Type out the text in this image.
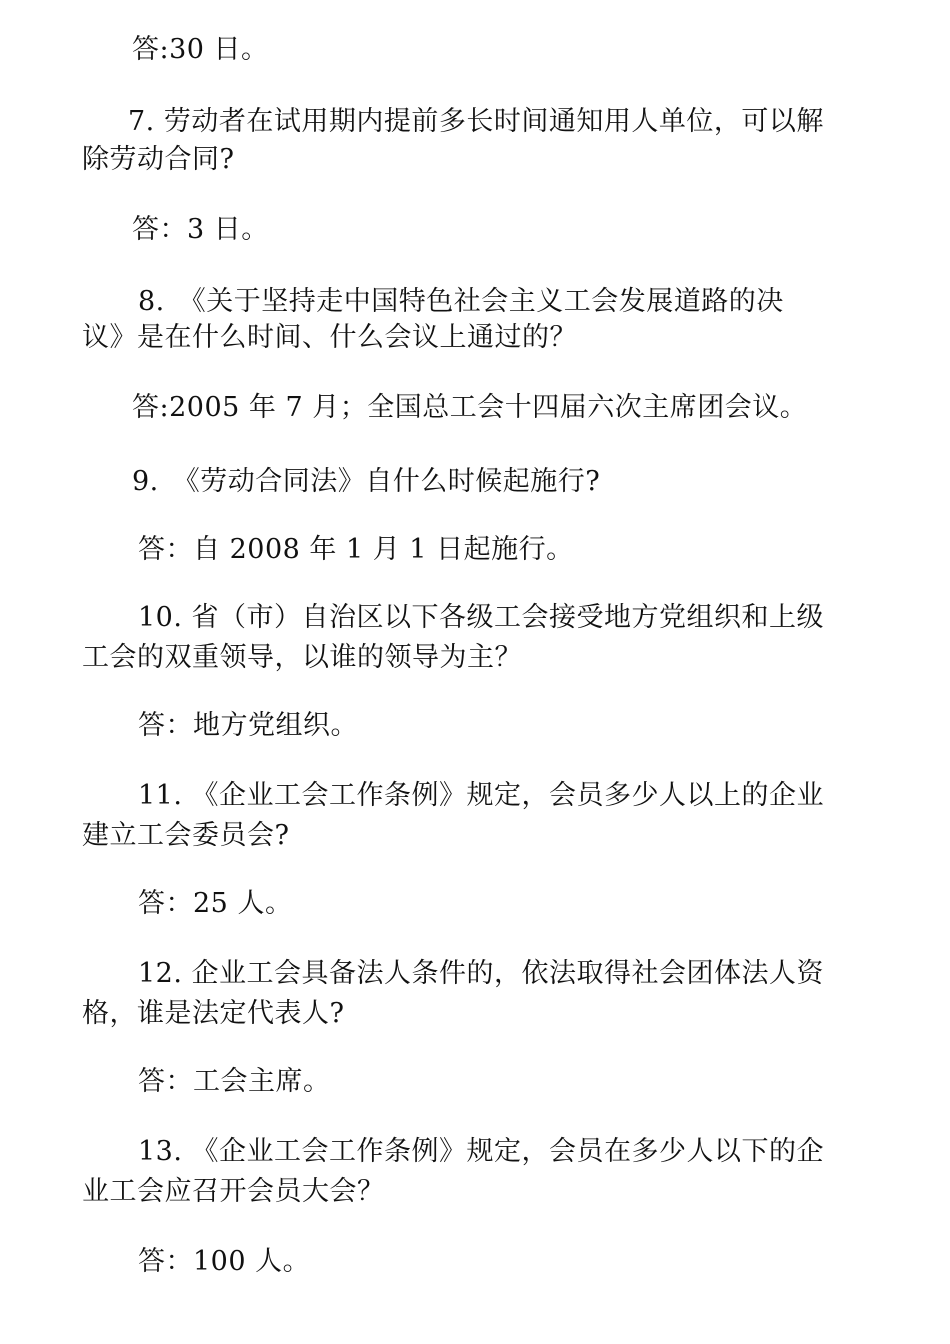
答:30 日。
7. 劳动者在试用期内提前多长时间通知用人单位，可以解
除劳动合同?
答：3 日。
8.　《关于坚持走中国特色社会主义工会发展道路的决
议》是在什么时间、什么会议上通过的？
答:2005 年 7 月；全国总工会十四届六次主席团会议。
9.　《劳动合同法》自什么时候起施行?
答：自 2008 年 1 月 1 日起施行。
10. 省（市）自治区以下各级工会接受地方党组织和上级
工会的双重领导，以谁的领导为主？
答：地方党组织。
11. 《企业工会工作条例》规定，会员多少人以上的企业
建立工会委员会?
答：25 人。
12. 企业工会具备法人条件的，依法取得社会团体法人资
格，谁是法定代表人?
答：工会主席。
13. 《企业工会工作条例》规定，会员在多少人以下的企
业工会应召开会员大会？
答：100 人。
